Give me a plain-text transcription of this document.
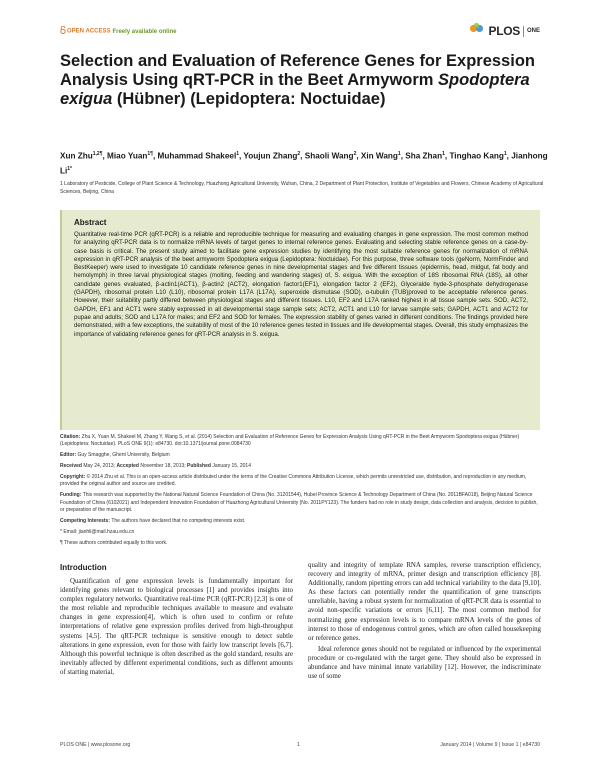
OPEN ACCESS Freely available online	PLOS ONE
Selection and Evaluation of Reference Genes for Expression Analysis Using qRT-PCR in the Beet Armyworm Spodoptera exigua (Hübner) (Lepidoptera: Noctuidae)

Xun Zhu$^{1,2\P}$, Miao Yuan$^{1\P}$, Muhammad Shakeel$^1$, Youjun Zhang$^2$, Shaoli Wang$^2$, Xin Wang$^1$, Sha Zhan$^1$, Tinghao Kang$^1$, Jianhong $Li^{1*}$

1 Laboratory of Pesticide, College of Plant Science & Technology, Huazhong Agricultural University, Wuhan, China, 2 Department of Plant Protection, Institute of Vegetables and Flowers, Chinese Academy of Agricultural Sciences, Beijing, China
Abstract

Quantitative real-time PCR (qRT-PCR) is a reliable and reproducible technique for measuring and evaluating changes in gene expression. The most common method for analyzing qRT-PCR data is to normalize mRNA levels of target genes to internal reference genes. Evaluating and selecting stable reference genes on a case-by-case basis is critical. The present study aimed to facilitate gene expression studies by identifying the most suitable reference genes for normalization of mRNA expression in qRT-PCR analysis of the beet armyworm Spodoptera exigua (Lepidoptera: Noctuidae). For this purpose, three software tools (geNorm, NormFinder and BestKeeper) were used to investigate 10 candidate reference genes in nine developmental stages and five different tissues (epidermis, head, midgut, fat body and hemolymph) in three larval physiological stages (molting, feeding and wandering stages) of, S. exigua. With the exception of 18S ribosomal RNA (18S), all other candidate genes evaluated, β-actin1(ACT1), β-actin2 (ACT2), elongation factor1(EF1), elongation factor 2 (EF2), Glyceralde hyde-3-phosphate dehydrogenase (GAPDH), ribosomal protein L10 (L10), ribosomal protein L17A (L17A), superoxide dismutase (SOD), α-tubulin (TUB)proved to be acceptable reference genes. However, their suitability partly differed between physiological stages and different tissues. L10, EF2 and L17A ranked highest in all tissue sample sets. SOD, ACT2, GAPDH, EF1 and ACT1 were stably expressed in all developmental stage sample sets; ACT2, ACT1 and L10 for larvae sample sets; GAPDH, ACT1 and ACT2 for pupae and adults; SOD and L17A for males; and EF2 and SOD for females. The expression stability of genes varied in different conditions. The findings provided here demonstrated, with a few exceptions, the suitability of most of the 10 reference genes tested in tissues and life developmental stages. Overall, this study emphasizes the importance of validating reference genes for qRT-PCR analysis in S. exigua.

Citation: Zhu X, Yuan M, Shakeel M, Zhang Y, Wang S, et al. (2014) Selection and Evaluation of Reference Genes for Expression Analysis Using qRT-PCR in the Beet Armyworm Spodoptera exigua (Hübner) (Lepidoptera: Noctuidae). PLoS ONE 9(1): e84730. doi:10.1371/journal.pone.0084730

Editor: Guy Smagghe, Ghent University, Belgium

Received May 24, 2013; Accepted November 18, 2013; Published January 15, 2014

Copyright: © 2014 Zhu et al. This is an open-access article distributed under the terms of the Creative Commons Attribution License, which permits unrestricted use, distribution, and reproduction in any medium, provided the original author and source are credited.

Funding: This research was supported by the National Natural Science Foundation of China (No. 31201544), Hubei Province Science & Technology Department of China (No. 2011BFA018), Beijing Natural Science Foundation of China (6102021) and Independent Innovation Foundation of Huazhong Agricultural University (No. 2011PY123). The funders had no role in study design, data collection and analysis, decision to publish, or preparation of the manuscript.

Competing Interests: The authors have declared that no competing interests exist.

* Email: jianhli@mail.hzau.edu.cn

¶ These authors contributed equally to this work.

Introduction

Quantification of gene expression levels is fundamentally important for identifying genes relevant to biological processes [1] and provides insights into complex regulatory networks. Quantitative real-time PCR (qRT-PCR) [2,3] is one of the most reliable and reproducible techniques available to measure and evaluate changes in gene expression[4], which is often used to confirm or refute interpretations of relative gene expression profiles derived from high-throughput systems [4,5]. The qRT-PCR technique is sensitive enough to detect subtle alterations in gene expression, even for those with fairly low transcript levels [6,7]. Although this powerful technique is often described as the gold standard, results are inevitably affected by different experimental conditions, such as different amounts of starting material,

quality and integrity of template RNA samples, reverse transcription efficiency, recovery and integrity of mRNA, primer design and transcription efficiency [8]. Additionally, random pipetting errors can add technical variability to the data [9,10]. As these factors can potentially render the quantification of gene transcripts unreliable, having a robust system for normalization of qRT-PCR data is essential to avoid non-specific variations or errors [6,11]. The most common method for normalizing gene expression levels is to compare mRNA levels of the genes of interest to those of endogenous control genes, which are often called housekeeping or reference genes.

Ideal reference genes should not be regulated or influenced by the experimental procedure or co-regulated with the target gene. They should also be expressed in abundance and have minimal innate variability [12]. However, the indiscriminate use of some

PLOS ONE | www.plosone.org	1	January 2014 | Volume 9 | Issue 1 | e84730
